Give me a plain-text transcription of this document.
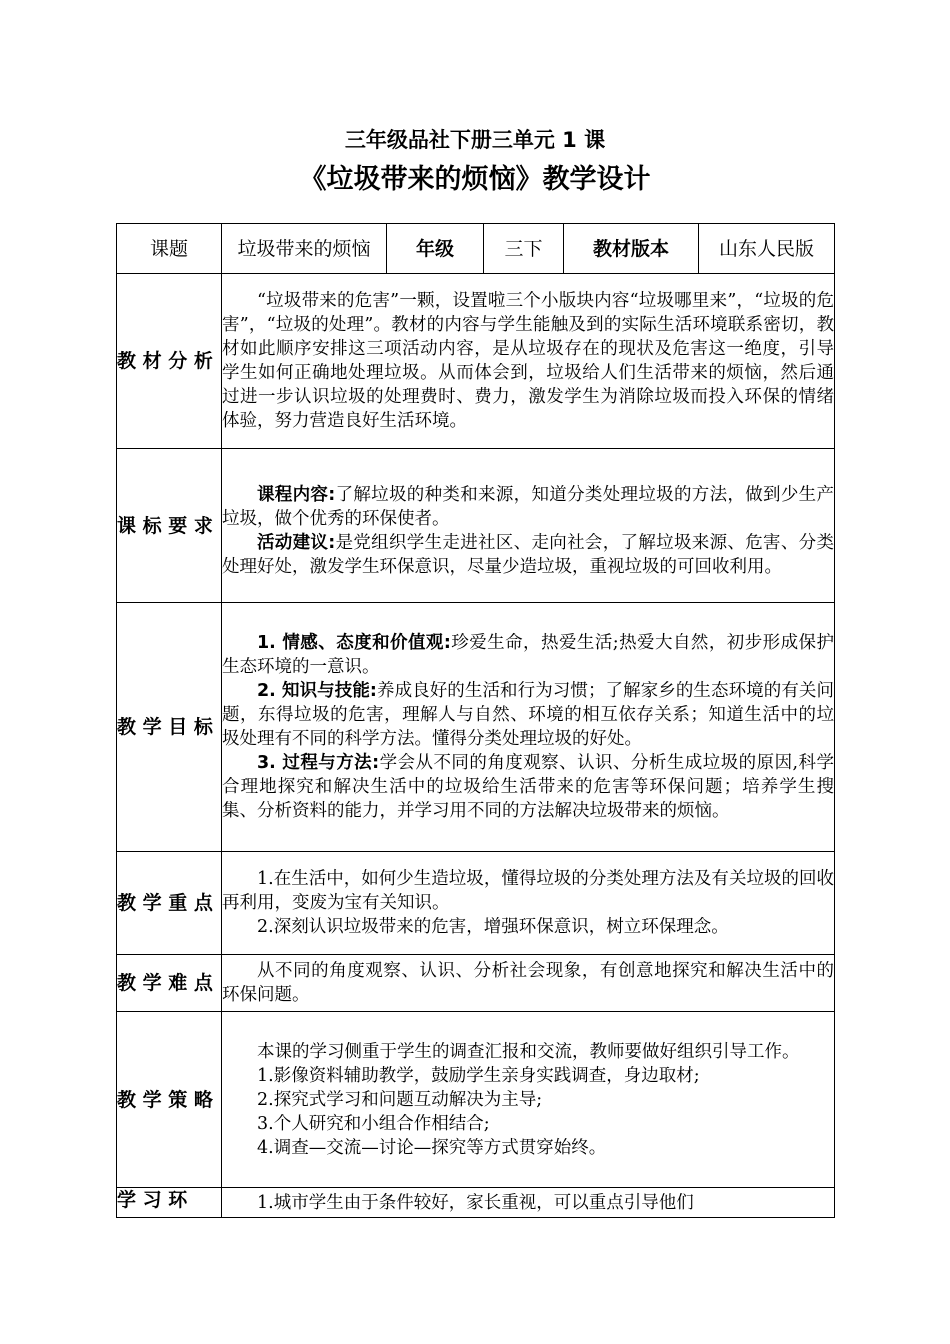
三年级品社下册三单元 1 课
《垃圾带来的烦恼》教学设计
课题	垃圾带来的烦恼	年级	三下	教材版本	山东人民版
教 材 分 析	“垃圾带来的危害”一颗，设置啦三个小版块内容“垃圾哪里来”，“垃圾的危害”，“垃圾的处理”。教材的内容与学生能触及到的实际生活环境联系密切，教材如此顺序安排这三项活动内容，是从垃圾存在的现状及危害这一绝度，引导学生如何正确地处理垃圾。从而体会到，垃圾给人们生活带来的烦恼，然后通过进一步认识垃圾的处理费时、费力，激发学生为消除垃圾而投入环保的情绪体验，努力营造良好生活环境。				

课 标 要 求	课程内容:了解垃圾的种类和来源，知道分类处理垃圾的方法，做到少生产垃圾，做个优秀的环保使者。

活动建议:是党组织学生走进社区、走向社会，了解垃圾来源、危害、分类处理好处，激发学生环保意识，尽量少造垃圾，重视垃圾的可回收利用。				

教 学 目 标	1. 情感、态度和价值观:珍爱生命，热爱生活;热爱大自然，初步形成保护生态环境的一意识。

2. 知识与技能:养成良好的生活和行为习惯；了解家乡的生态环境的有关问题，东得垃圾的危害，理解人与自然、环境的相互依存关系；知道生活中的垃圾处理有不同的科学方法。懂得分类处理垃圾的好处。

3. 过程与方法:学会从不同的角度观察、认识、分析生成垃圾的原因,科学合理地探究和解决生活中的垃圾给生活带来的危害等环保问题；培养学生搜集、分析资料的能力，并学习用不同的方法解决垃圾带来的烦恼。				

教 学 重 点	1.在生活中，如何少生造垃圾，懂得垃圾的分类处理方法及有关垃圾的回收再利用，变废为宝有关知识。

2.深刻认识垃圾带来的危害，增强环保意识，树立环保理念。				

教 学 难 点	从不同的角度观察、认识、分析社会现象，有创意地探究和解决生活中的环保问题。				

教 学 策 略	本课的学习侧重于学生的调查汇报和交流，教师要做好组织引导工作。

1.影像资料辅助教学，鼓励学生亲身实践调查，身边取材;

2.探究式学习和问题互动解决为主导;

3.个人研究和小组合作相结合;

4.调查—交流—讨论—探究等方式贯穿始终。				

学 习 环	1.城市学生由于条件较好，家长重视，可以重点引导他们				
